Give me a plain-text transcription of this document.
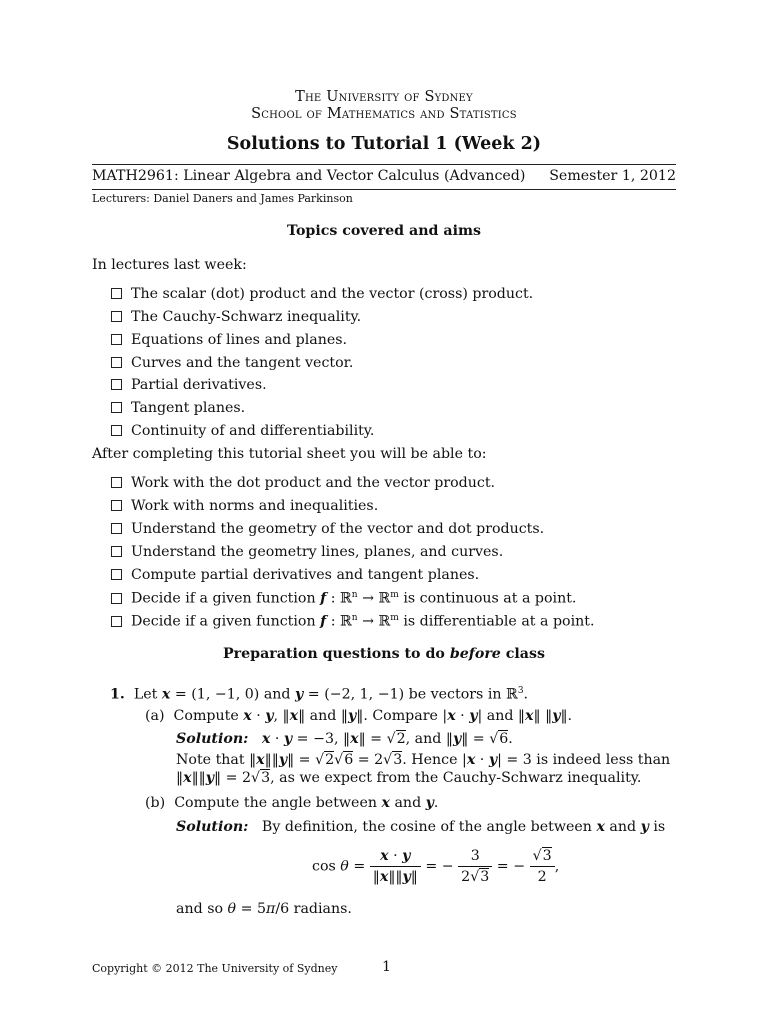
The University of Sydney
School of Mathematics and Statistics
Solutions to Tutorial 1 (Week 2)
MATH2961: Linear Algebra and Vector Calculus (Advanced) Semester 1, 2012
Lecturers: Daniel Daners and James Parkinson
Topics covered and aims
In lectures last week:
The scalar (dot) product and the vector (cross) product.
The Cauchy-Schwarz inequality.
Equations of lines and planes.
Curves and the tangent vector.
Partial derivatives.
Tangent planes.
Continuity of and differentiability.
After completing this tutorial sheet you will be able to:
Work with the dot product and the vector product.
Work with norms and inequalities.
Understand the geometry of the vector and dot products.
Understand the geometry lines, planes, and curves.
Compute partial derivatives and tangent planes.
Decide if a given function f : ℝ$^n$ → ℝ$^m$ is continuous at a point.
Decide if a given function f : ℝ$^n$ → ℝ$^m$ is differentiable at a point.
Preparation questions to do before class
1.  Let x = (1, −1, 0) and y = (−2, 1, −1) be vectors in ℝ$^3$.
(a)  Compute x · y, ‖x‖ and ‖y‖. Compare |x · y| and ‖x‖ ‖y‖.
Solution: x · y = −3, ‖x‖ = √2, and ‖y‖ = √6.
Note that ‖x‖‖y‖ = √2√6 = 2√3. Hence |x · y| = 3 is indeed less than
‖x‖‖y‖ = 2√3, as we expect from the Cauchy-Schwarz inequality.
(b) Compute the angle between x and y.
Solution: By definition, the cosine of the angle between x and y is
$\cos \theta = \frac{x \cdot y}{‖x‖‖y‖}$ = − $\frac{3}{2√3}$ = − $\frac{√3}{2}$ ,
and so θ = 5π/6 radians.
Copyright © 2012 The University of Sydney	1
